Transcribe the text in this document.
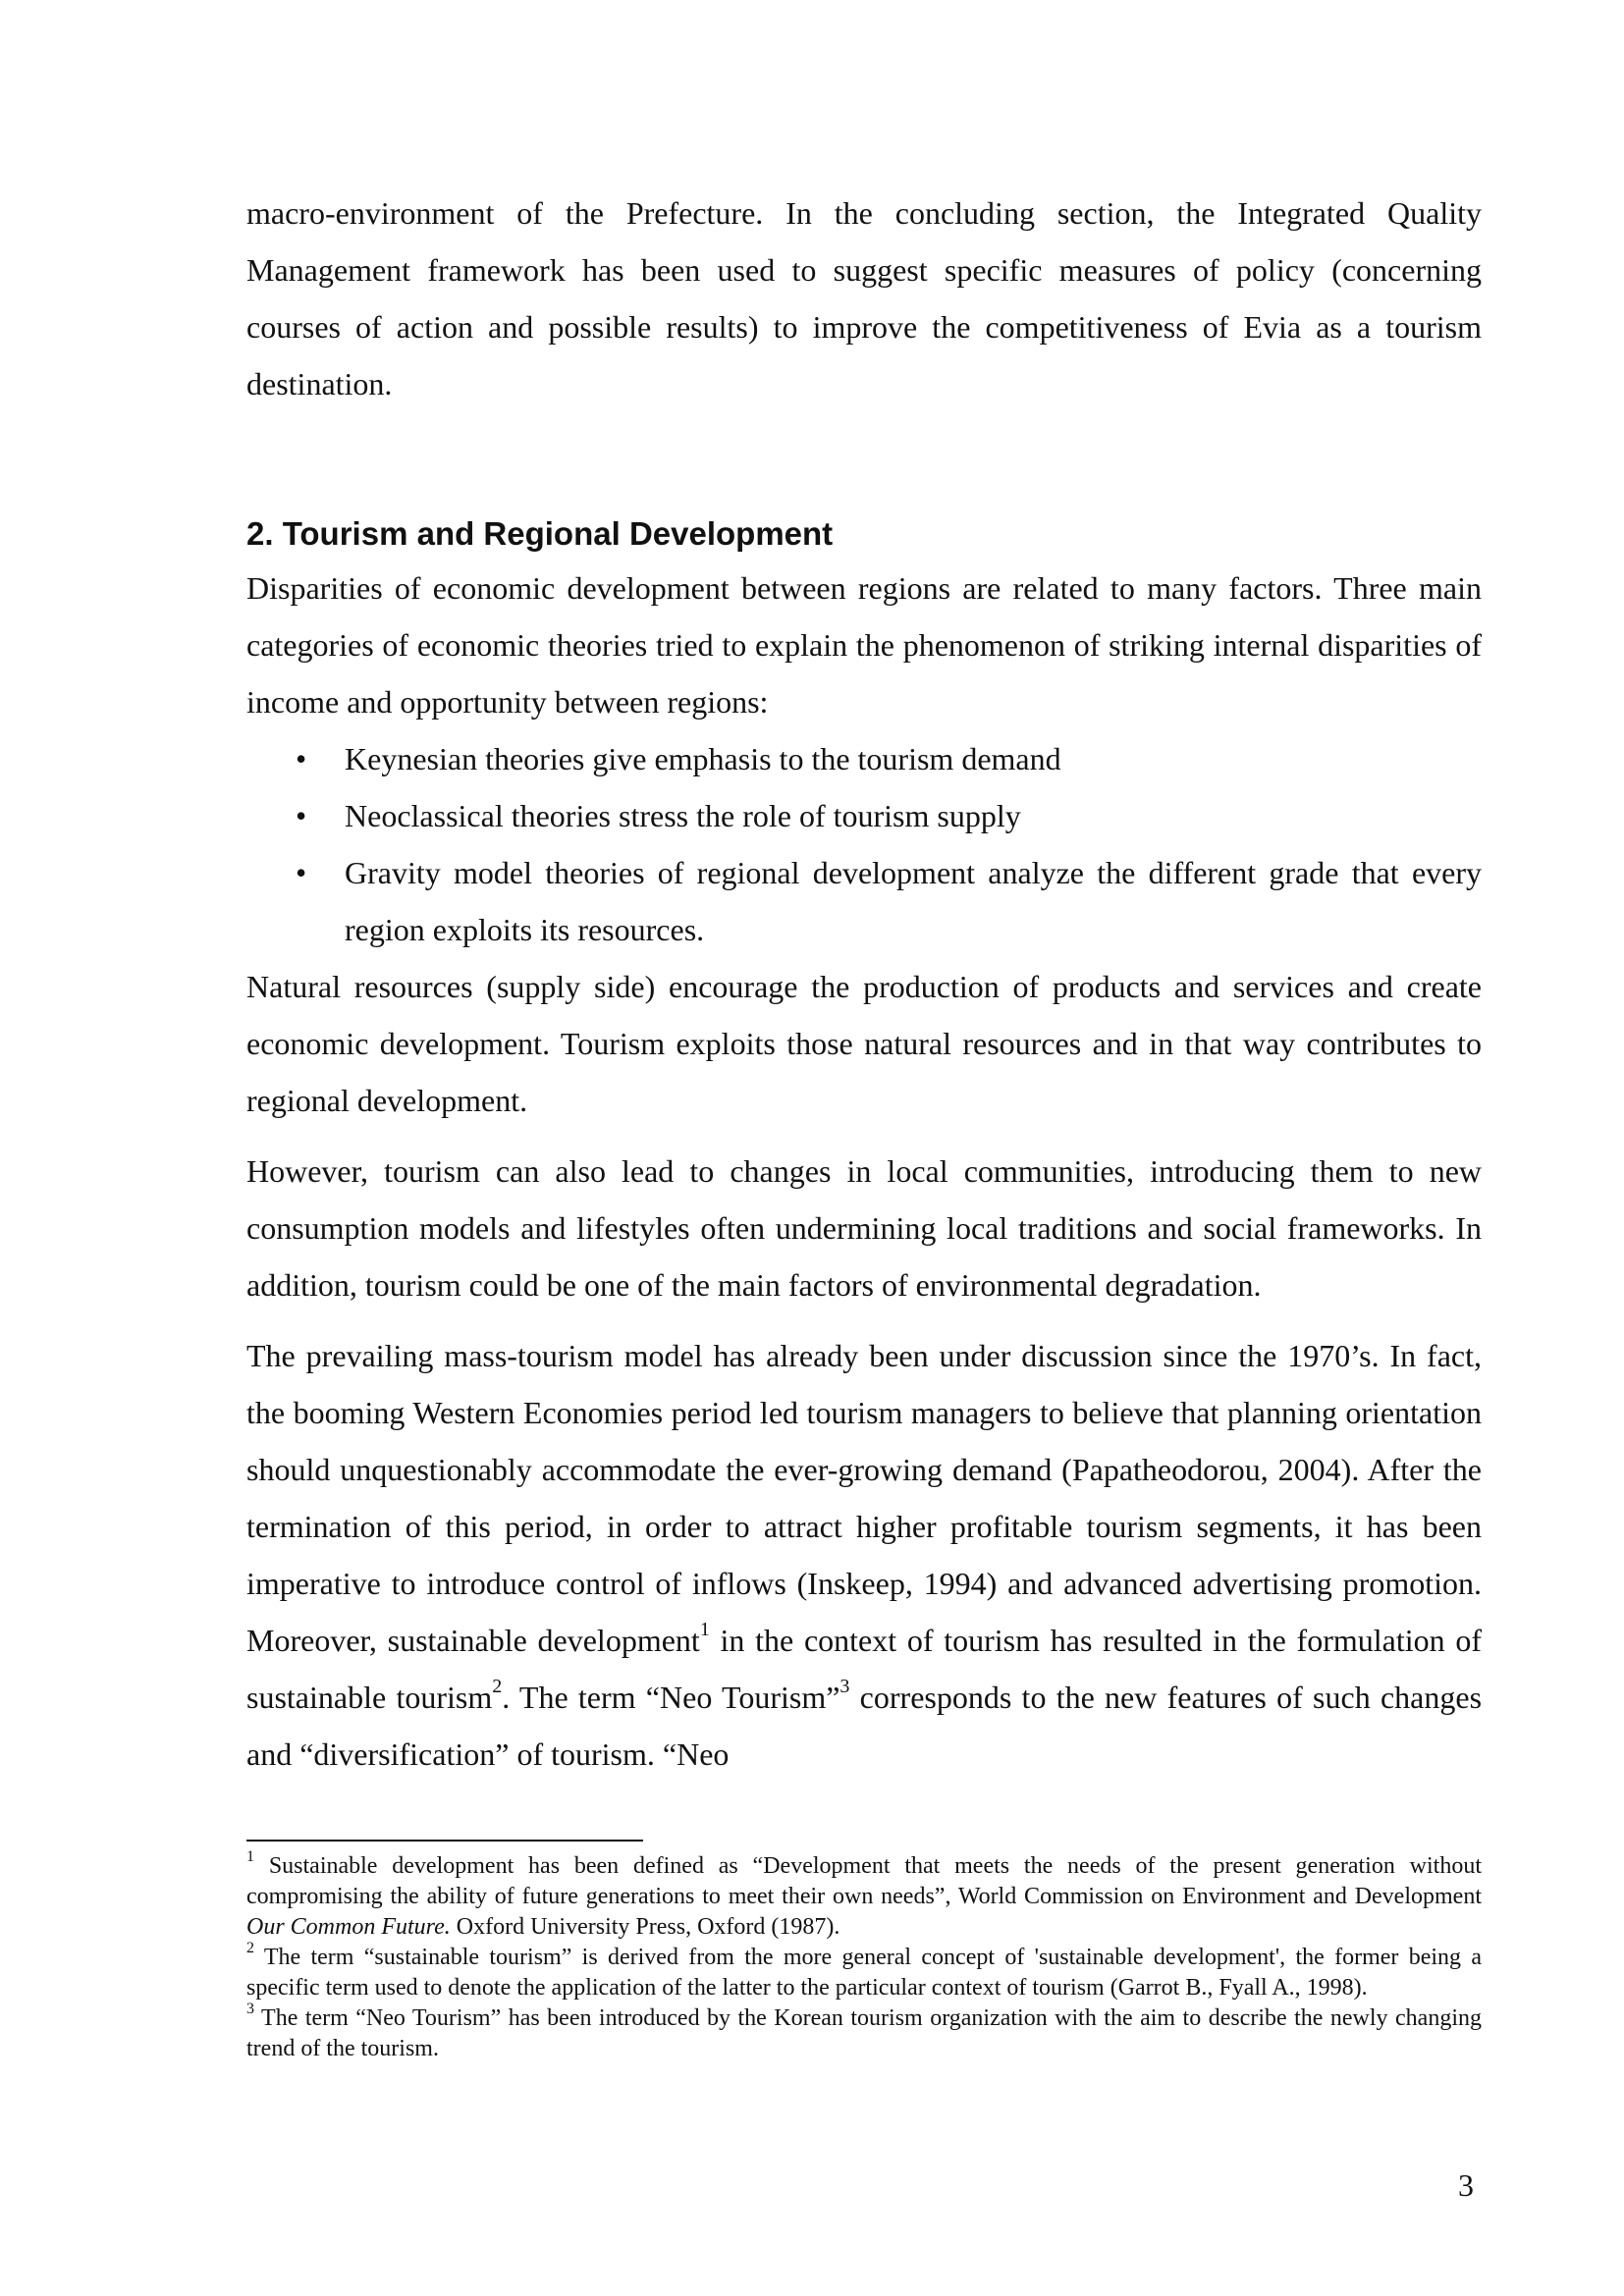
macro-environment of the Prefecture. In the concluding section, the Integrated Quality Management framework has been used to suggest specific measures of policy (concerning courses of action and possible results) to improve the competitiveness of Evia as a tourism destination.

2. Tourism and Regional Development

Disparities of economic development between regions are related to many factors. Three main categories of economic theories tried to explain the phenomenon of striking internal disparities of income and opportunity between regions:

• Keynesian theories give emphasis to the tourism demand
• Neoclassical theories stress the role of tourism supply
• Gravity model theories of regional development analyze the different grade that every region exploits its resources.

Natural resources (supply side) encourage the production of products and services and create economic development. Tourism exploits those natural resources and in that way contributes to regional development.

However, tourism can also lead to changes in local communities, introducing them to new consumption models and lifestyles often undermining local traditions and social frameworks. In addition, tourism could be one of the main factors of environmental degradation.

The prevailing mass-tourism model has already been under discussion since the 1970’s. In fact, the booming Western Economies period led tourism managers to believe that planning orientation should unquestionably accommodate the ever-growing demand (Papatheodorou, 2004). After the termination of this period, in order to attract higher profitable tourism segments, it has been imperative to introduce control of inflows (Inskeep, 1994) and advanced advertising promotion. Moreover, sustainable development$^1$ in the context of tourism has resulted in the formulation of sustainable tourism$^2$. The term “Neo Tourism”$^3$ corresponds to the new features of such changes and “diversification” of tourism. “Neo

$^1$ Sustainable development has been defined as “Development that meets the needs of the present generation without compromising the ability of future generations to meet their own needs”, World Commission on Environment and Development Our Common Future. Oxford University Press, Oxford (1987).

$^2$ The term “sustainable tourism” is derived from the more general concept of 'sustainable development', the former being a specific term used to denote the application of the latter to the particular context of tourism (Garrot B., Fyall A., 1998).

$^3$ The term “Neo Tourism” has been introduced by the Korean tourism organization with the aim to describe the newly changing trend of the tourism.

3
